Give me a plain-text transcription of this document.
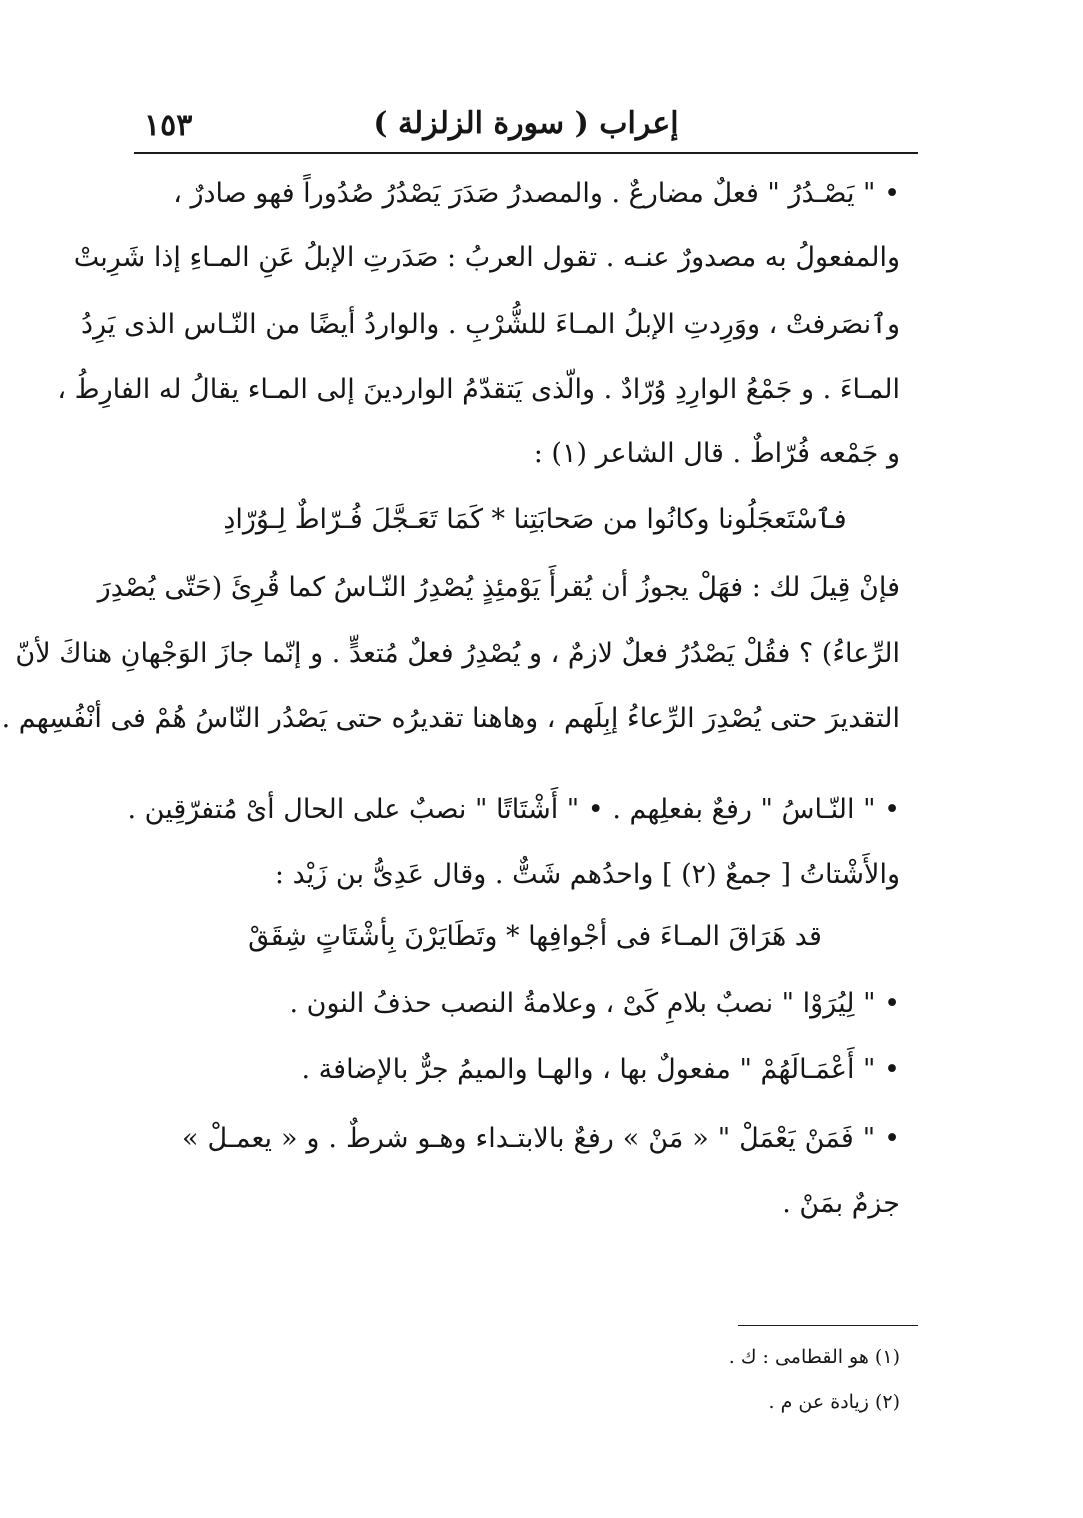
١٥٣	إعراب ( سورة الزلزلة )
• " يَصْـدُرُ " فعلٌ مضارعٌ . والمصدرُ صَدَرَ يَصْدُرُ صُدُوراً فهو صادرٌ ،
والمفعولُ به مصدورٌ عنـه . تقول العربُ : صَدَرتِ الإبلُ عَنِ المـاءِ إذا شَرِبتْ
وٱنصَرفتْ ، ووَرِدتِ الإبلُ المـاءَ للشُّرْبِ . والواردُ أيضًا من النّـاس الذى يَرِدُ
المـاءَ . و جَمْعُ الوارِدِ وُرّادٌ . والّذى يَتقدّمُ الواردينَ إلى المـاء يقالُ له الفارِطُ ،
و جَمْعه فُرّاطٌ . قال الشاعر (١) :
فٱسْتَعجَلُونا وكانُوا من صَحابَتِنا * كَمَا تَعَـجَّلَ فُـرّاطٌ لِـوُرّادِ
فإنْ قِيلَ لك : فهَلْ يجوزُ أن يُقرأَ يَوْمئِذٍ يُصْدِرُ النّـاسُ كما قُرِئَ (حَتّى يُصْدِرَ
الرِّعاءُ) ؟ فقُلْ يَصْدُرُ فعلٌ لازمٌ ، و يُصْدِرُ فعلٌ مُتعدٍّ . و إنّما جازَ الوَجْهانِ هناكَ لأنّ
التقديرَ حتى يُصْدِرَ الرِّعاءُ إبِلَهم ، وهاهنا تقديرُه حتى يَصْدُر النّاسُ هُمْ فى أنْفُسِهم .
• " النّـاسُ " رفعٌ بفعلِهم . • " أَشْتَاتًا " نصبٌ على الحال أىْ مُتفرّقِين .
والأَشْتاتُ [ جمعٌ (٢) ] واحدُهم شَتٌّ . وقال عَدِىُّ بن زَيْد :
قد هَرَاقَ المـاءَ فى أجْوافِها * وتَطَايَرْنَ بِأشْتَاتٍ شِقَقْ
• " لِيُرَوْا " نصبٌ بلامِ كَىْ ، وعلامةُ النصب حذفُ النون .
• " أَعْمَـالَهُمْ " مفعولٌ بها ، والهـا والميمُ جرٌّ بالإضافة .
• " فَمَنْ يَعْمَلْ " « مَنْ » رفعٌ بالابتـداء وهـو شرطٌ . و « يعمـلْ »
جزمٌ بمَنْ .
(١) هو القطامى : ك .
(٢) زيادة عن م .
